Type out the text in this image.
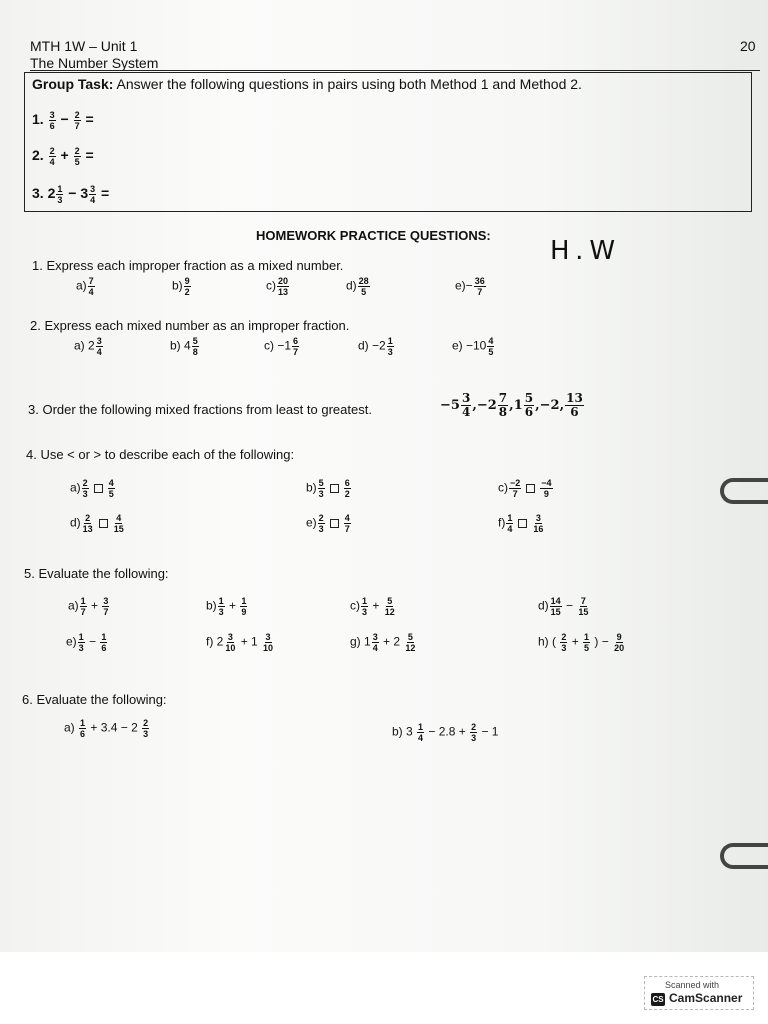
MTH 1W – Unit 1
The Number System
20
Group Task: Answer the following questions in pairs using both Method 1 and Method 2.
1. $\frac{3}{6} - \frac{2}{7}$ =
2. $\frac{2}{4} + \frac{2}{5}$ =
3. $2 \frac{1}{3} - 3 \frac{3}{4}$ =
HOMEWORK PRACTICE QUESTIONS:
H.W
1. Express each improper fraction as a mixed number.
$a) \frac{7}{4}$	$b) \frac{9}{2}$	$c) \frac{20}{13}$	$d) \frac{28}{5}$	$e)- \frac{36}{7}$
2. Express each mixed number as an improper fraction.
a) $2 \frac{3}{4}$	b) $4 \frac{5}{8}$	$c) -1 \frac{6}{7}$	$d) -2 \frac{1}{3}$	$e) -10 \frac{4}{5}$
3. Order the following mixed fractions from least to greatest.	$-5 \frac{3}{4} ,-2 \frac{7}{8} ,1 \frac{5}{6} ,-2$, $\frac{13}{6}$
4. Use < or > to describe each of the following:
$a) \frac{2}{3} \frac{4}{5}$	$b) \frac{5}{3} \frac{6}{2}$	$c) \frac{-2}{7} \frac{-4}{9}$
$d) \frac{2}{13} \frac{4}{15}$	$e) \frac{2}{3} \frac{4}{7}$	$f) \frac{1}{4} \frac{3}{16}$
5. Evaluate the following:
$a) \frac{1}{7} + \frac{3}{7}$	$b) \frac{1}{3} + \frac{1}{9}$	$c) \frac{1}{3} + \frac{5}{12}$	$d) \frac{14}{15} - \frac{7}{15}$
$e) \frac{1}{3} - \frac{1}{6}$	f) $2 \frac{3}{10} + 1 \frac{3}{10}$	g) $1 \frac{3}{4} + 2 \frac{5}{12}$	h) ( $\frac{2}{3} + \frac{1}{5}$ ) − $\frac{9}{20}$
6. Evaluate the following:
$a) \frac{1}{6} + 3.4 - 2 \frac{2}{3}$	b) $3 \frac{1}{4} - 2.8 + \frac{2}{3} - 1$
Scanned with
CS CamScanner
